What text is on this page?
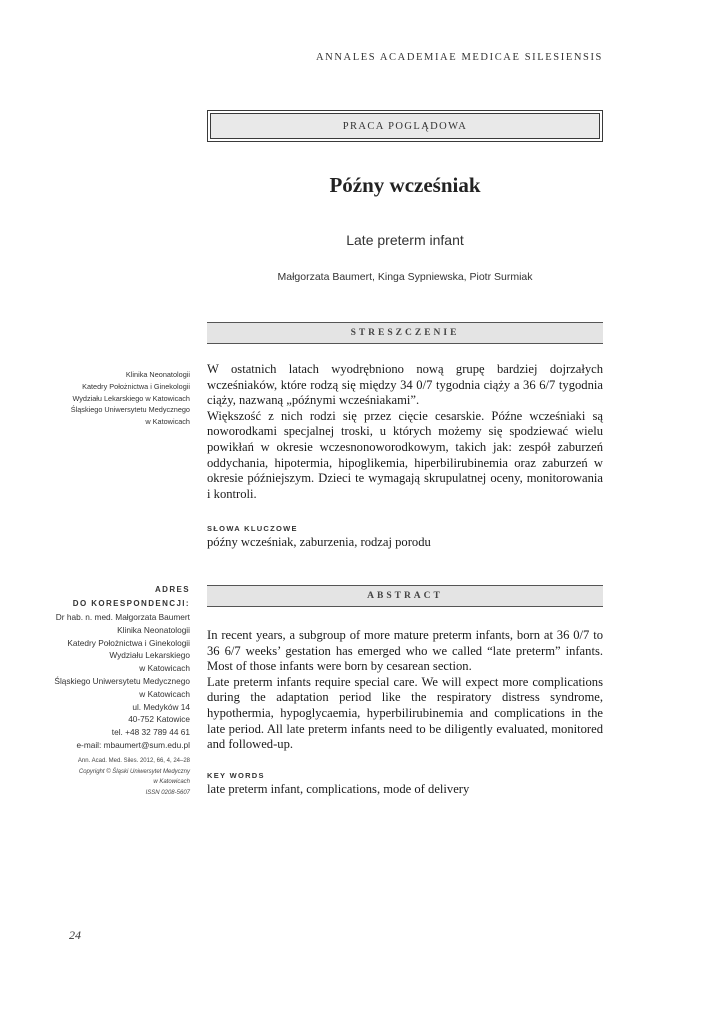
ANNALES ACADEMIAE MEDICAE SILESIENSIS
PRACA POGLĄDOWA
Późny wcześniak
Late preterm infant
Małgorzata Baumert, Kinga Sypniewska, Piotr Surmiak
STRESZCZENIE
Klinika Neonatologii
Katedry Położnictwa i Ginekologii
Wydziału Lekarskiego w Katowicach
Śląskiego Uniwersytetu Medycznego
w Katowicach

W ostatnich latach wyodrębniono nową grupę bardziej dojrzałych wcześniaków, które rodzą się między 34 0/7 tygodnia ciąży a 36 6/7 tygodnia ciąży, nazwaną „późnymi wcześniakami”.

Większość z nich rodzi się przez cięcie cesarskie. Późne wcześniaki są noworodkami specjalnej troski, u których możemy się spodziewać wielu powikłań w okresie wczesnonoworodkowym, takich jak: zespół zaburzeń oddychania, hipotermia, hipoglikemia, hiperbilirubinemia oraz zaburzeń w okresie późniejszym. Dzieci te wymagają skrupulatnej oceny, monitorowania i kontroli.

SŁOWA KLUCZOWE
późny wcześniak, zaburzenia, rodzaj porodu
ADRES
DO KORESPONDENCJI:
Dr hab. n. med. Małgorzata Baumert
Klinika Neonatologii
Katedry Położnictwa i Ginekologii
Wydziału Lekarskiego
w Katowicach
Śląskiego Uniwersytetu Medycznego
w Katowicach
ul. Medyków 14
40-752 Katowice
tel. +48 32 789 44 61
e-mail: mbaumert@sum.edu.pl
Ann. Acad. Med. Siles. 2012, 66, 4, 24–28
Copyright © Śląski Uniwersytet Medyczny
w Katowicach
ISSN 0208-5607
ABSTRACT

In recent years, a subgroup of more mature preterm infants, born at 36 0/7 to 36 6/7 weeks’ gestation has emerged who we called “late preterm” infants. Most of those infants were born by cesarean section.

Late preterm infants require special care. We will expect more complications during the adaptation period like the respiratory distress syndrome, hypothermia, hypoglycaemia, hyperbilirubinemia and complications in the late period. All late preterm infants need to be diligently evaluated, monitored and followed-up.

KEY WORDS
late preterm infant, complications, mode of delivery
24
